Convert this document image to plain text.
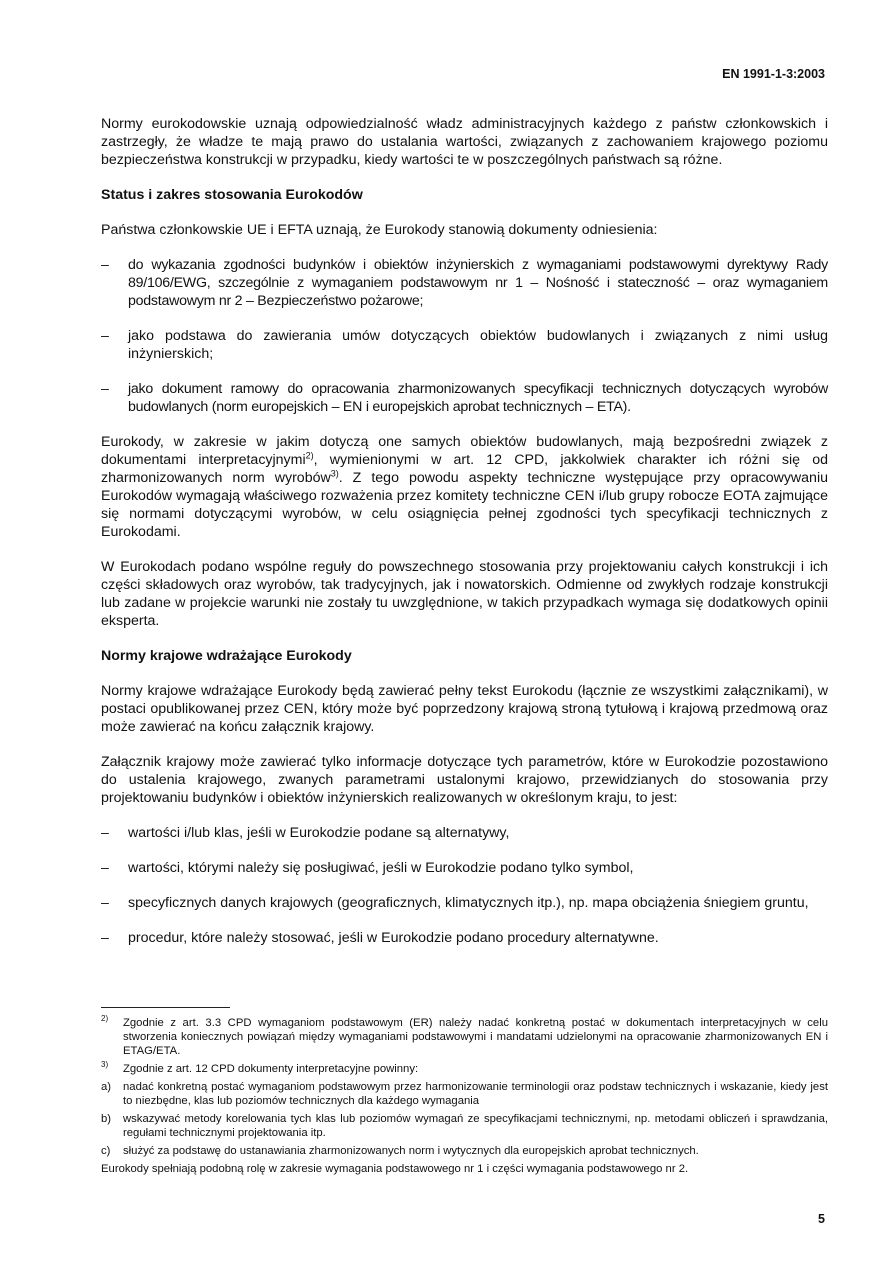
EN 1991-1-3:2003

Normy eurokodowskie uznają odpowiedzialność władz administracyjnych każdego z państw członkowskich i zastrzegły, że władze te mają prawo do ustalania wartości, związanych z zachowaniem krajowego poziomu bezpieczeństwa konstrukcji w przypadku, kiedy wartości te w poszczególnych państwach są różne.

Status i zakres stosowania Eurokodów

Państwa członkowskie UE i EFTA uznają, że Eurokody stanowią dokumenty odniesienia:

– do wykazania zgodności budynków i obiektów inżynierskich z wymaganiami podstawowymi dyrektywy Rady 89/106/EWG, szczególnie z wymaganiem podstawowym nr 1 – Nośność i stateczność – oraz wymaganiem podstawowym nr 2 – Bezpieczeństwo pożarowe;
– jako podstawa do zawierania umów dotyczących obiektów budowlanych i związanych z nimi usług inżynierskich;
– jako dokument ramowy do opracowania zharmonizowanych specyfikacji technicznych dotyczących wyrobów budowlanych (norm europejskich – EN i europejskich aprobat technicznych – ETA).

Eurokody, w zakresie w jakim dotyczą one samych obiektów budowlanych, mają bezpośredni związek z dokumentami interpretacyjnymi$^{2)}$, wymienionymi w art. 12 CPD, jakkolwiek charakter ich różni się od zharmonizowanych norm wyrobów$^{3)}$. Z tego powodu aspekty techniczne występujące przy opracowywaniu Eurokodów wymagają właściwego rozważenia przez komitety techniczne CEN i/lub grupy robocze EOTA zajmujące się normami dotyczącymi wyrobów, w celu osiągnięcia pełnej zgodności tych specyfikacji technicznych z Eurokodami.

W Eurokodach podano wspólne reguły do powszechnego stosowania przy projektowaniu całych konstrukcji i ich części składowych oraz wyrobów, tak tradycyjnych, jak i nowatorskich. Odmienne od zwykłych rodzaje konstrukcji lub zadane w projekcie warunki nie zostały tu uwzględnione, w takich przypadkach wymaga się dodatkowych opinii eksperta.

Normy krajowe wdrażające Eurokody

Normy krajowe wdrażające Eurokody będą zawierać pełny tekst Eurokodu (łącznie ze wszystkimi załącznikami), w postaci opublikowanej przez CEN, który może być poprzedzony krajową stroną tytułową i krajową przedmową oraz może zawierać na końcu załącznik krajowy.

Załącznik krajowy może zawierać tylko informacje dotyczące tych parametrów, które w Eurokodzie pozostawiono do ustalenia krajowego, zwanych parametrami ustalonymi krajowo, przewidzianych do stosowania przy projektowaniu budynków i obiektów inżynierskich realizowanych w określonym kraju, to jest:

– wartości i/lub klas, jeśli w Eurokodzie podane są alternatywy,
– wartości, którymi należy się posługiwać, jeśli w Eurokodzie podano tylko symbol,
– specyficznych danych krajowych (geograficznych, klimatycznych itp.), np. mapa obciążenia śniegiem gruntu,
– procedur, które należy stosować, jeśli w Eurokodzie podano procedury alternatywne.
$^{2)}$ Zgodnie z art. 3.3 CPD wymaganiom podstawowym (ER) należy nadać konkretną postać w dokumentach interpretacyjnych w celu stworzenia koniecznych powiązań między wymaganiami podstawowymi i mandatami udzielonymi na opracowanie zharmonizowanych EN i ETAG/ETA.
$^{3)}$ Zgodnie z art. 12 CPD dokumenty interpretacyjne powinny:
a) nadać konkretną postać wymaganiom podstawowym przez harmonizowanie terminologii oraz podstaw technicznych i wskazanie, kiedy jest to niezbędne, klas lub poziomów technicznych dla każdego wymagania
b) wskazywać metody korelowania tych klas lub poziomów wymagań ze specyfikacjami technicznymi, np. metodami obliczeń i sprawdzania, regułami technicznymi projektowania itp.
c) służyć za podstawę do ustanawiania zharmonizowanych norm i wytycznych dla europejskich aprobat technicznych.

Eurokody spełniają podobną rolę w zakresie wymagania podstawowego nr 1 i części wymagania podstawowego nr 2.

5
